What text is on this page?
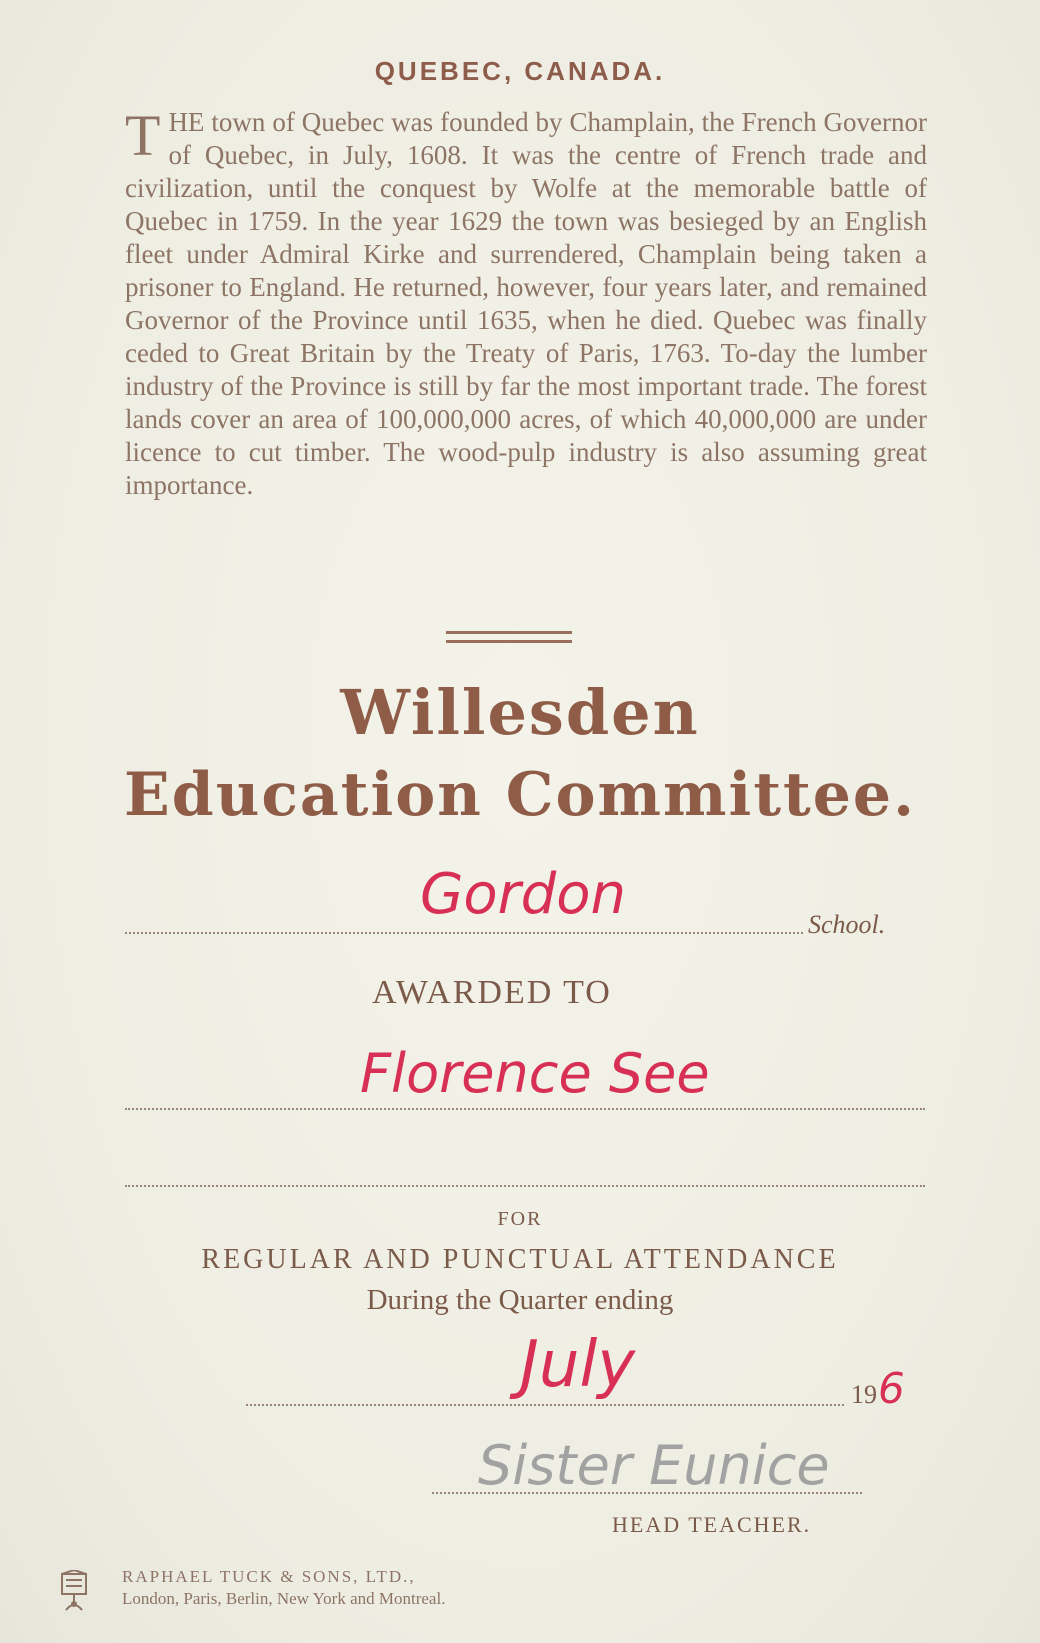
QUEBEC, CANADA.

THE town of Quebec was founded by Champlain, the French Governor of Quebec, in July, 1608. It was the centre of French trade and civilization, until the conquest by Wolfe at the memorable battle of Quebec in 1759. In the year 1629 the town was besieged by an English fleet under Admiral Kirke and surrendered, Champlain being taken a prisoner to England. He returned, however, four years later, and remained Governor of the Province until 1635, when he died. Quebec was finally ceded to Great Britain by the Treaty of Paris, 1763. To-day the lumber industry of the Province is still by far the most important trade. The forest lands cover an area of 100,000,000 acres, of which 40,000,000 are under licence to cut timber. The wood-pulp industry is also assuming great importance.

Willesden
Education Committee.
Gordon	School.
AWARDED TO
Florence See
FOR
REGULAR AND PUNCTUAL ATTENDANCE
During the Quarter ending
July	19 6
Sister Eunice
HEAD TEACHER.
RAPHAEL TUCK & SONS, LTD.,
London, Paris, Berlin, New York and Montreal.
